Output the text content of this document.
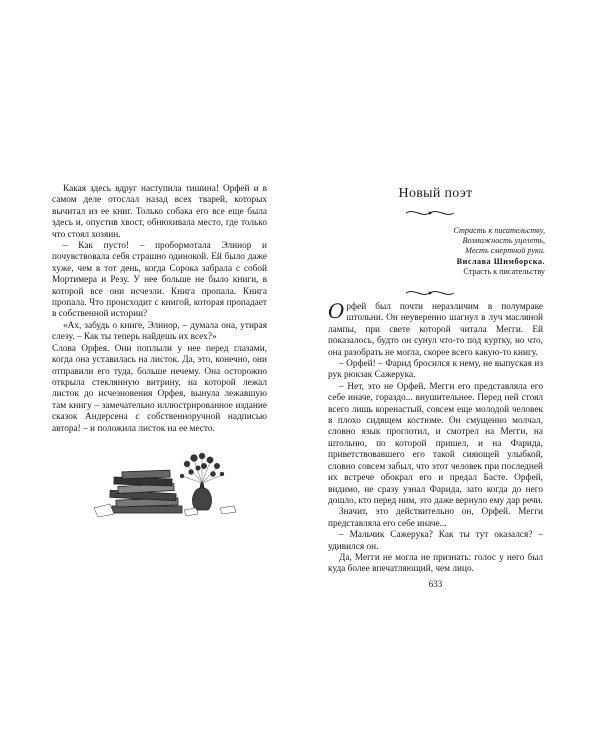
Какая здесь вдруг наступила тишина! Орфей и в самом деле отослал назад всех тварей, которых вычитал из ее книг. Только собака его все еще была здесь и, опустив хвост, обнюхивала место, где только что стоял хозяин.

– Как пусто! – пробормотала Элинор и почувствовала себя страшно одинокой. Ей было даже хуже, чем в тот день, когда Сорока забрала с собой Мортимера и Резу. У нее больше не было книги, в которой все они исчезли. Книга пропала. Книга пропала. Что происходит с книгой, которая пропадает в собственной истории?

«Ах, забудь о книге, Элинор, – думала она, утирая слезу. – Как ты теперь найдешь их всех?»

Слова Орфея. Они поплыли у нее перед глазами, когда она уставилась на листок. Да, это, конечно, они отправили его туда, больше нечему. Она осторожно открыла стеклянную витрину, на которой лежал листок до исчезновения Орфея, вынула лежавшую там книгу – замечательно иллюстрированное издание сказок Андерсена с собственноручной надписью автора! – и положила листок на ее место.

Новый поэт
Страсть к писательству,
Возможность уцелеть,
Месть смертной руки.
Вислава Шимборска.
Страсть к писательству

Орфей был почти неразличим в полумраке штольни. Он неуверенно шагнул в луч масляной лампы, при свете которой читала Мегги. Ей показалось, будто он сунул что-то под куртку, но что, она разобрать не могла, скорее всего какую-то книгу.

– Орфей! – Фарид бросился к нему, не выпуская из рук рюкзак Сажерука.

– Нет, это не Орфей. Мегги его представляла его себе иначе, гораздо... внушительнее. Перед ней стоял всего лишь коренастый, совсем еще молодой человек в плохо сидящем костюме. Он смущенно молчал, словно язык проглотил, и смотрел на Мегги, на штольню, по которой пришел, и на Фарида, приветствовавшего его такой сияющей улыбкой, словно совсем забыл, что этот человек при последней их встрече обокрал его и предал Басте. Орфей, видимо, не сразу узнал Фарида, зато когда до него дошло, кто перед ним, это даже вернуло ему дар речи.

Значит, это действительно он, Орфей. Мегги представляла его себе иначе...

– Мальчик Сажерука? Как ты тут оказался? – удивился он.

Да, Мегги не могла не признать: голос у него был куда более впечатляющий, чем лицо.

633
